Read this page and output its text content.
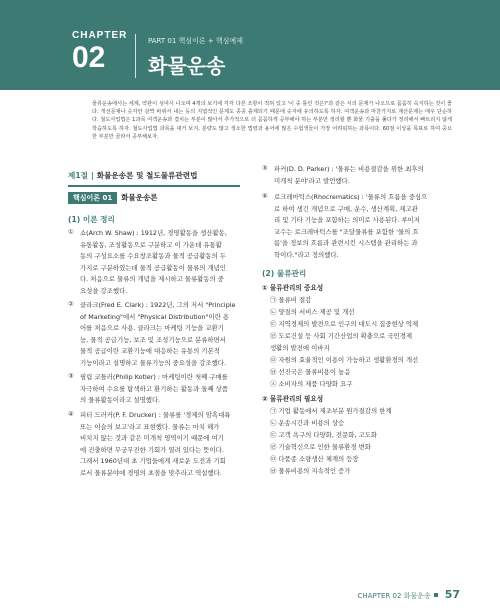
CHAPTER
02	PART 01 핵심이론 + 핵심예제
화물운송
물류운송에서는 세계, 약관이 섞여서 나오며 4개의 보기에 각각 다른 조항이 적혀 있고 '이 중 틀린 것은?'과 같은 식의 문제가 나오므로 꼼꼼히 숙지하는 것이 좋다. 개선문제나 숫자만 살짝 바꿔서 내는 등의 지엽적인 문제도 종종 출제되기 때문에 숫자에 유의하도록 하자. 여객운송과 마찬가지로 계산문제는 매우 단순하다. 철도사업법은 1과목 여객운송과 겹치는 부분이 많아서 추가적으로 더 꼼꼼하게 공부해야 하는 부분만 정리할 뿐 화물 기출을 풀다가 정리해서 빠트리지 않게 학습하도록 하자. 철도사업법 과목을 대거 보지, 분량도 많고 생소한 법령과 용어에 많은 수험생들이 가장 어려워하는 과목이다. 60점 이상을 목표로 하여 중요한 부분만 골라서 공부해보자.
제1절 | 화물운송론 및 철도물류관련법
핵심이론 01 화물운송론
(1) 이론 정리
① 쇼(Arch W. Shaw) : 1912년, 경영활동을 생산활동,
유통활동, 조성활동으로 구분하고 이 가운데 유통활
동의 구성요소를 수요창조활동과 물적 공급활동의 두
가지로 구분하였는데 물적 공급활동이 물류의 개념인
다. 처음으로 물류의 개념을 제시하고 물류활동의 중
요성을 강조했다.
② 클라크(Fred E. Clark) : 1922년, 그의 저서 "Principle
of Marketing"에서 "Physical Distribution"이란 용
어를 처음으로 사용. 클라크는 마케팅 기능을 교환기
능, 물적 공급기능, 보조 및 조성기능으로 분류하면서
물적 공급이란 교환기능에 대응하는 유통의 기본적
기능이라고 설명하고 물류기능의 중요성을 강조했다.
③ 필립 코틀러(Philip Kotler) : 마케팅이란 첫째 구매를
자극하여 수요를 탐색하고 환기하는 활동과 둘째 상품
의 물류활동이라고 설명했다.
④ 피터 드러커(P. F. Drucker) : 물류를 '경제의 암흑대륙
또는 이슬의 보고'라고 표현했다. 물류는 마치 해가
비치지 않는 것과 같은 미개척 영역이기 때문에 여기
에 진출하면 무궁무진한 기회가 열려 있다는 뜻이다.
그래서 1960년대 초 기업들에게 새로운 도전과 기회
로서 물류분야에 경영의 초점을 맞추라고 역설했다.
⑤ 파커(D. D. Parker) : '물류는 비용절감을 위한 최후의
미개척 분야'라고 발언했다.
⑥ 로크레마틱스(Rhocrematics) : '물류의 흐름을 중심으
로 하여 생긴 개념으로 구매, 운수, 생산계획, 재고관
리 및 기타 기능을 포함하는 의미로 사용된다. 루이저
교수는 로크레마틱스를 "조달물류를 포함한 '물의 흐
름'을 정보의 흐름과 관련시킨 시스템을 관리하는 과
학이다."라고 정의했다.
(2) 물류관리
① 물류관리의 중요성
㉠ 물류비 절감
㉡ 양질의 서비스 제공 및 개선
㉢ 지역경제의 발전으로 인구의 대도시 집중현상 억제
㉣ 도로건설 등 사회 기간산업의 확충으로 국민경제
생활의 발전에 이바지
㉤ 자원의 효율적인 이용이 가능하고 생활환경의 개선
㉥ 선진국은 물류비용이 높음
㉦ 소비자의 제품 다양화 요구
② 물류관리의 필요성
㉠ 기업 활동에서 제조부분 원가절감의 한계
㉡ 운송시간과 비용의 상승
㉢ 고객 욕구의 다양화, 전문화, 고도화
㉣ 기술혁신으로 인한 물류환경 변화
㉤ 다품종 소량생산 체계의 등장
㉥ 물류비용의 지속적인 증가
CHAPTER 02 화물운송 57
